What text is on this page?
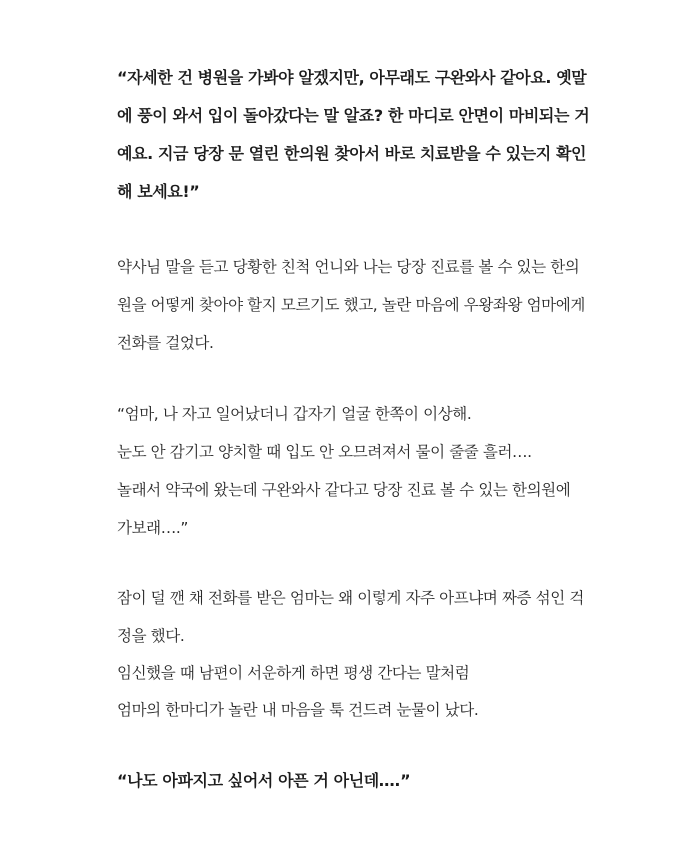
“자세한 건 병원을 가봐야 알겠지만, 아무래도 구완와사 같아요. 옛말
에 풍이 와서 입이 돌아갔다는 말 알죠? 한 마디로 안면이 마비되는 거
예요. 지금 당장 문 열린 한의원 찾아서 바로 치료받을 수 있는지 확인
해 보세요!”
약사님 말을 듣고 당황한 친척 언니와 나는 당장 진료를 볼 수 있는 한의
원을 어떻게 찾아야 할지 모르기도 했고, 놀란 마음에 우왕좌왕 엄마에게
전화를 걸었다.
“엄마, 나 자고 일어났더니 갑자기 얼굴 한쪽이 이상해.
눈도 안 감기고 양치할 때 입도 안 오므려져서 물이 줄줄 흘러….
놀래서 약국에 왔는데 구완와사 같다고 당장 진료 볼 수 있는 한의원에
가보래….”
잠이 덜 깬 채 전화를 받은 엄마는 왜 이렇게 자주 아프냐며 짜증 섞인 걱
정을 했다.
임신했을 때 남편이 서운하게 하면 평생 간다는 말처럼
엄마의 한마디가 놀란 내 마음을 툭 건드려 눈물이 났다.
“나도 아파지고 싶어서 아픈 거 아닌데….”
